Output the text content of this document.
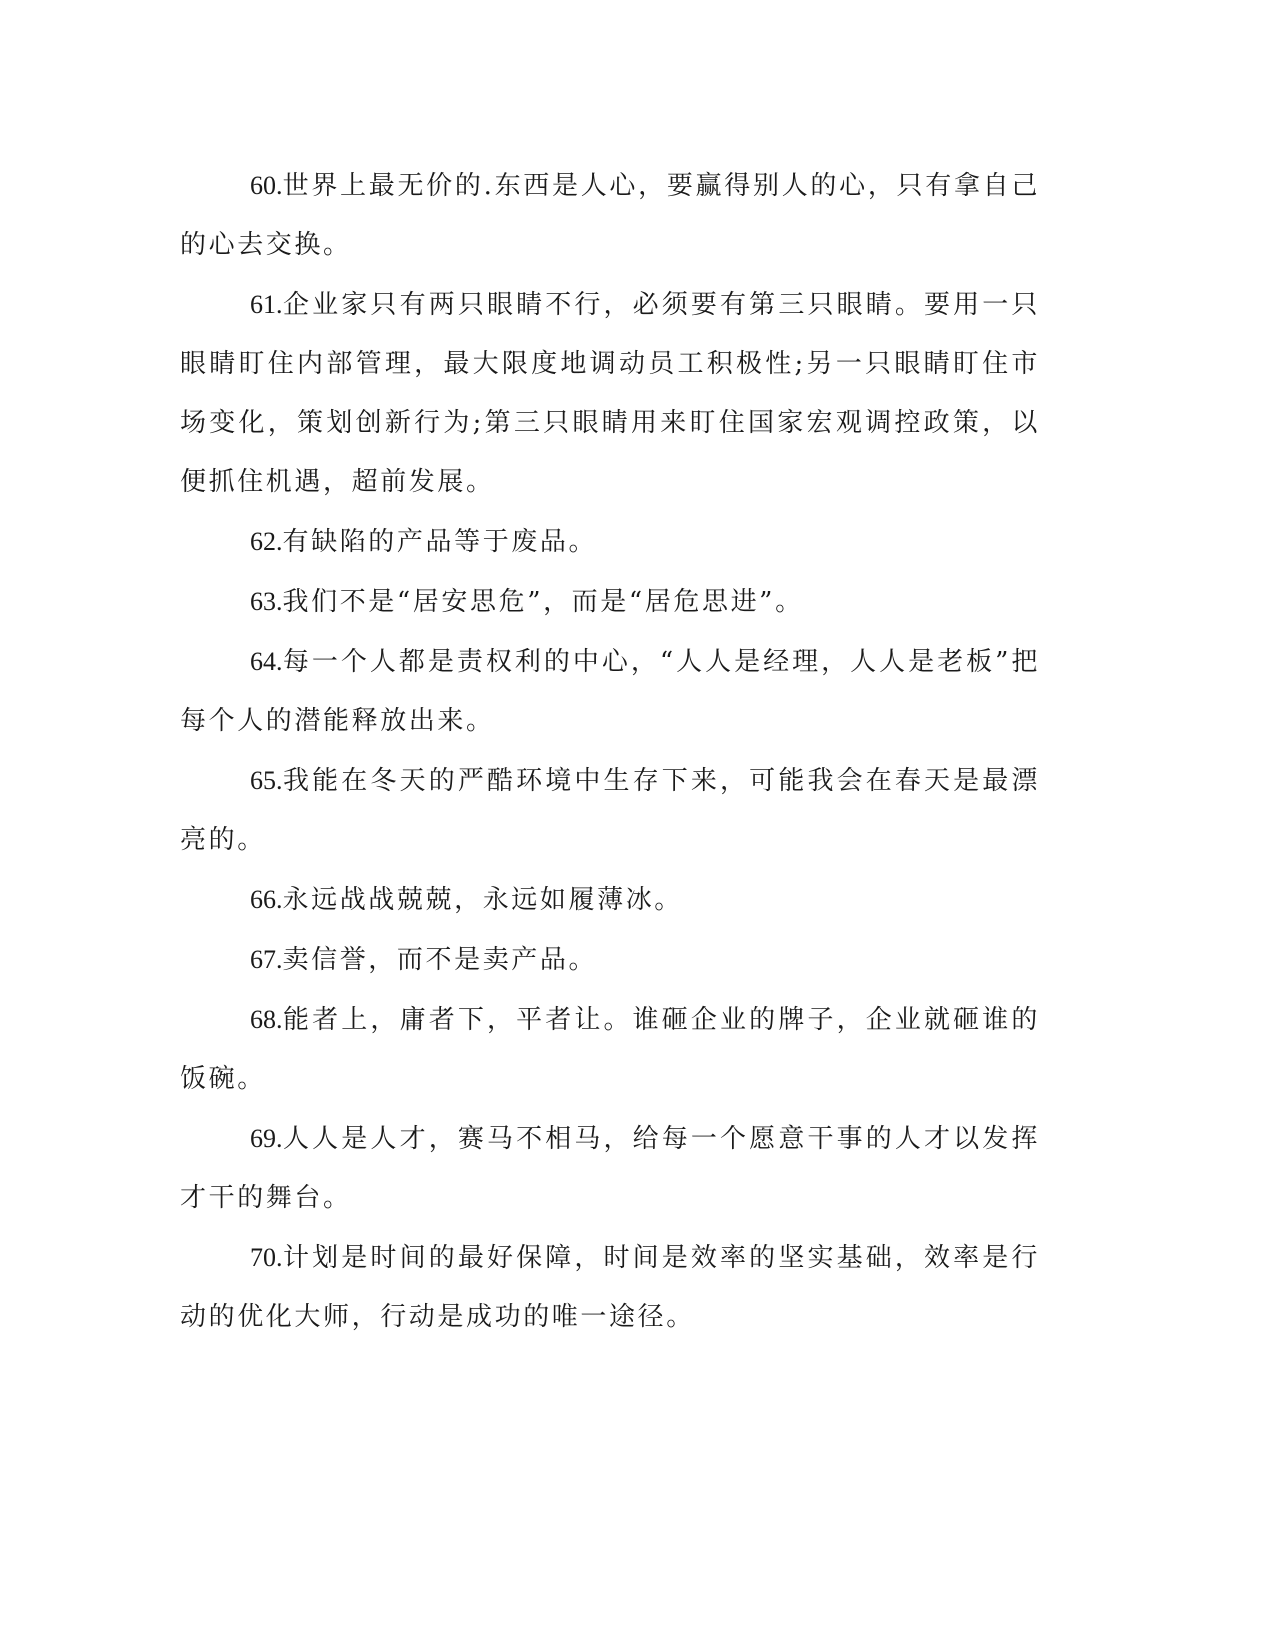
60.世界上最无价的.东西是人心，要赢得别人的心，只有拿自己的心去交换。

61.企业家只有两只眼睛不行，必须要有第三只眼睛。要用一只眼睛盯住内部管理，最大限度地调动员工积极性;另一只眼睛盯住市场变化，策划创新行为;第三只眼睛用来盯住国家宏观调控政策，以便抓住机遇，超前发展。

62.有缺陷的产品等于废品。

63.我们不是“居安思危”，而是“居危思进”。

64.每一个人都是责权利的中心，“人人是经理，人人是老板”把每个人的潜能释放出来。

65.我能在冬天的严酷环境中生存下来，可能我会在春天是最漂亮的。

66.永远战战兢兢，永远如履薄冰。

67.卖信誉，而不是卖产品。

68.能者上，庸者下，平者让。谁砸企业的牌子，企业就砸谁的饭碗。

69.人人是人才，赛马不相马，给每一个愿意干事的人才以发挥才干的舞台。

70.计划是时间的最好保障，时间是效率的坚实基础，效率是行动的优化大师，行动是成功的唯一途径。
